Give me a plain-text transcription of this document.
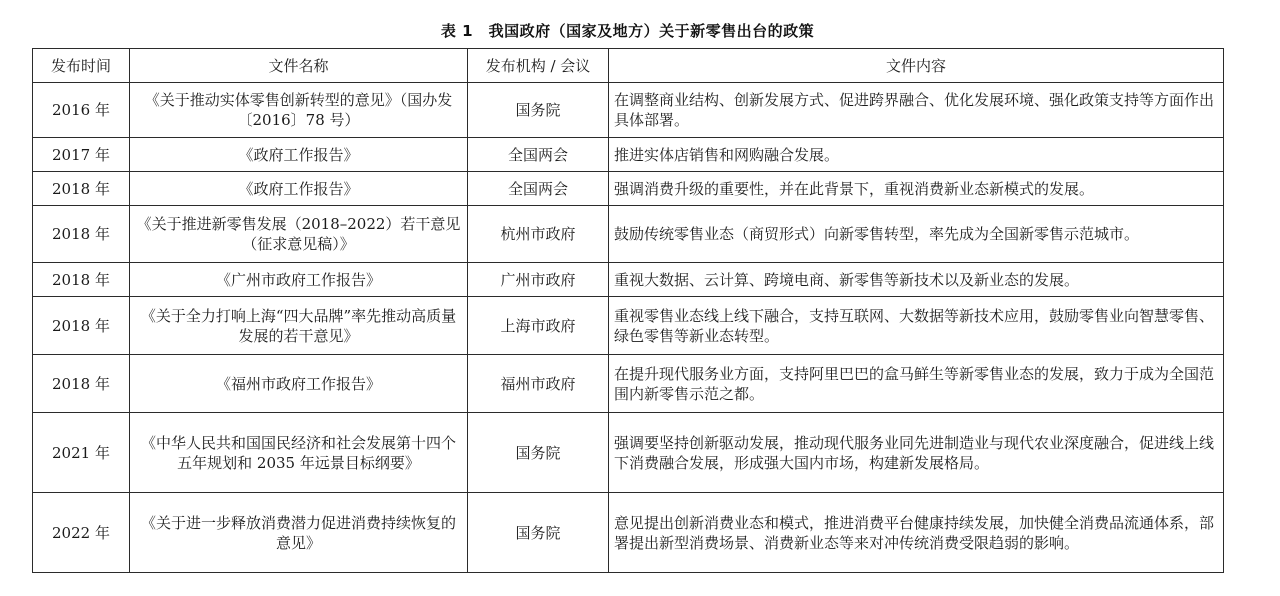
表 1　我国政府（国家及地方）关于新零售出台的政策
发布时间	文件名称	发布机构 / 会议	文件内容
2016 年	《关于推动实体零售创新转型的意见》（国办发〔2016〕78 号）	国务院	在调整商业结构、创新发展方式、促进跨界融合、优化发展环境、强化政策支持等方面作出具体部署。
2017 年	《政府工作报告》	全国两会	推进实体店销售和网购融合发展。
2018 年	《政府工作报告》	全国两会	强调消费升级的重要性，并在此背景下，重视消费新业态新模式的发展。
2018 年	《关于推进新零售发展（2018–2022）若干意见（征求意见稿）》	杭州市政府	鼓励传统零售业态（商贸形式）向新零售转型，率先成为全国新零售示范城市。
2018 年	《广州市政府工作报告》	广州市政府	重视大数据、云计算、跨境电商、新零售等新技术以及新业态的发展。
2018 年	《关于全力打响上海“四大品牌”率先推动高质量发展的若干意见》	上海市政府	重视零售业态线上线下融合，支持互联网、大数据等新技术应用，鼓励零售业向智慧零售、绿色零售等新业态转型。
2018 年	《福州市政府工作报告》	福州市政府	在提升现代服务业方面，支持阿里巴巴的盒马鲜生等新零售业态的发展，致力于成为全国范围内新零售示范之都。
2021 年	《中华人民共和国国民经济和社会发展第十四个五年规划和 2035 年远景目标纲要》	国务院	强调要坚持创新驱动发展，推动现代服务业同先进制造业与现代农业深度融合，促进线上线下消费融合发展，形成强大国内市场，构建新发展格局。
2022 年	《关于进一步释放消费潜力促进消费持续恢复的意见》	国务院	意见提出创新消费业态和模式，推进消费平台健康持续发展，加快健全消费品流通体系，部署提出新型消费场景、消费新业态等来对冲传统消费受限趋弱的影响。
